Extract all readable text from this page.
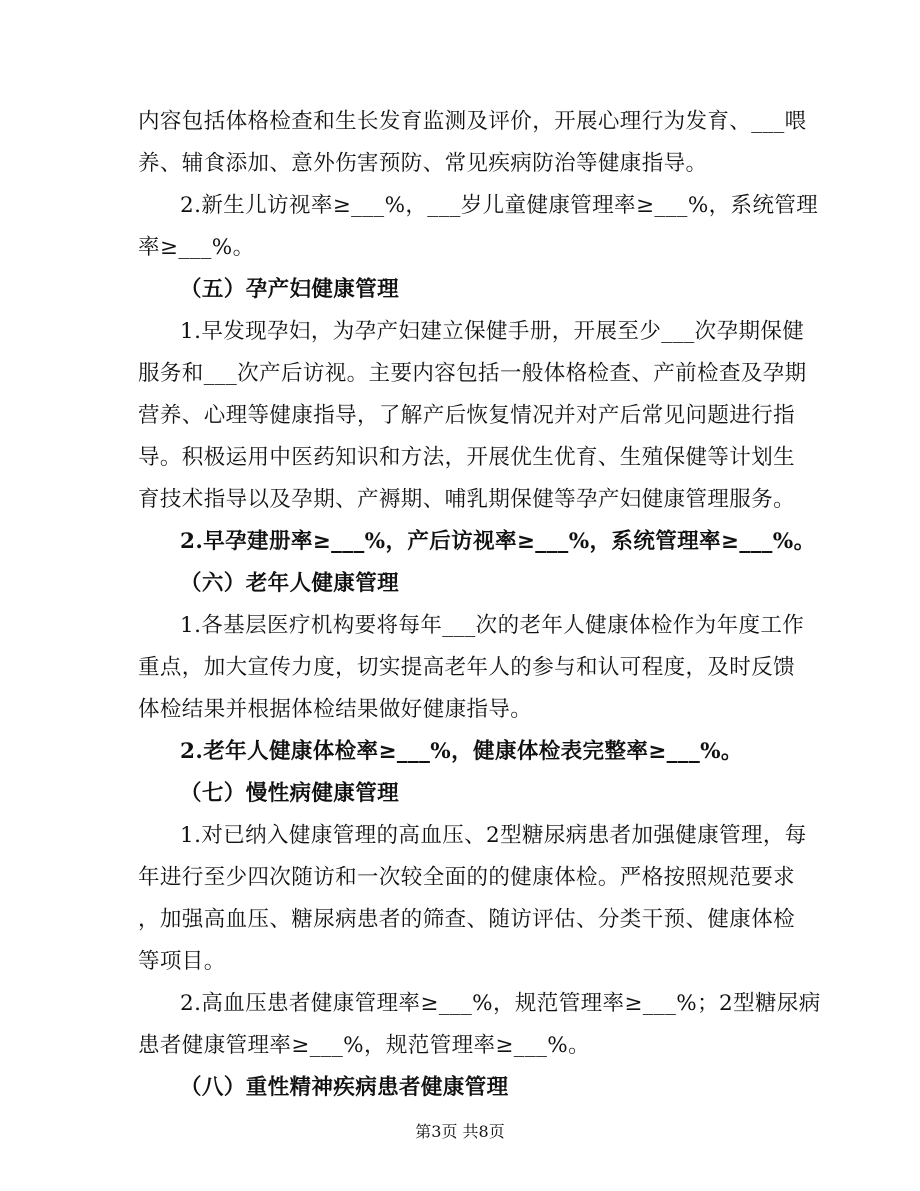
内容包括体格检查和生长发育监测及评价，开展心理行为发育、___喂
养、辅食添加、意外伤害预防、常见疾病防治等健康指导。
2.新生儿访视率≥___%，___岁儿童健康管理率≥___%，系统管理
率≥___%。
（五）孕产妇健康管理
1.早发现孕妇，为孕产妇建立保健手册，开展至少___次孕期保健
服务和___次产后访视。主要内容包括一般体格检查、产前检查及孕期
营养、心理等健康指导，了解产后恢复情况并对产后常见问题进行指
导。积极运用中医药知识和方法，开展优生优育、生殖保健等计划生
育技术指导以及孕期、产褥期、哺乳期保健等孕产妇健康管理服务。
2.早孕建册率≥___%，产后访视率≥___%，系统管理率≥___%。
（六）老年人健康管理
1.各基层医疗机构要将每年___次的老年人健康体检作为年度工作
重点，加大宣传力度，切实提高老年人的参与和认可程度，及时反馈
体检结果并根据体检结果做好健康指导。
2.老年人健康体检率≥___%，健康体检表完整率≥___%。
（七）慢性病健康管理
1.对已纳入健康管理的高血压、2型糖尿病患者加强健康管理，每
年进行至少四次随访和一次较全面的的健康体检。严格按照规范要求
，加强高血压、糖尿病患者的筛查、随访评估、分类干预、健康体检
等项目。
2.高血压患者健康管理率≥___%，规范管理率≥___%；2型糖尿病
患者健康管理率≥___%，规范管理率≥___%。
（八）重性精神疾病患者健康管理
第3页 共8页
